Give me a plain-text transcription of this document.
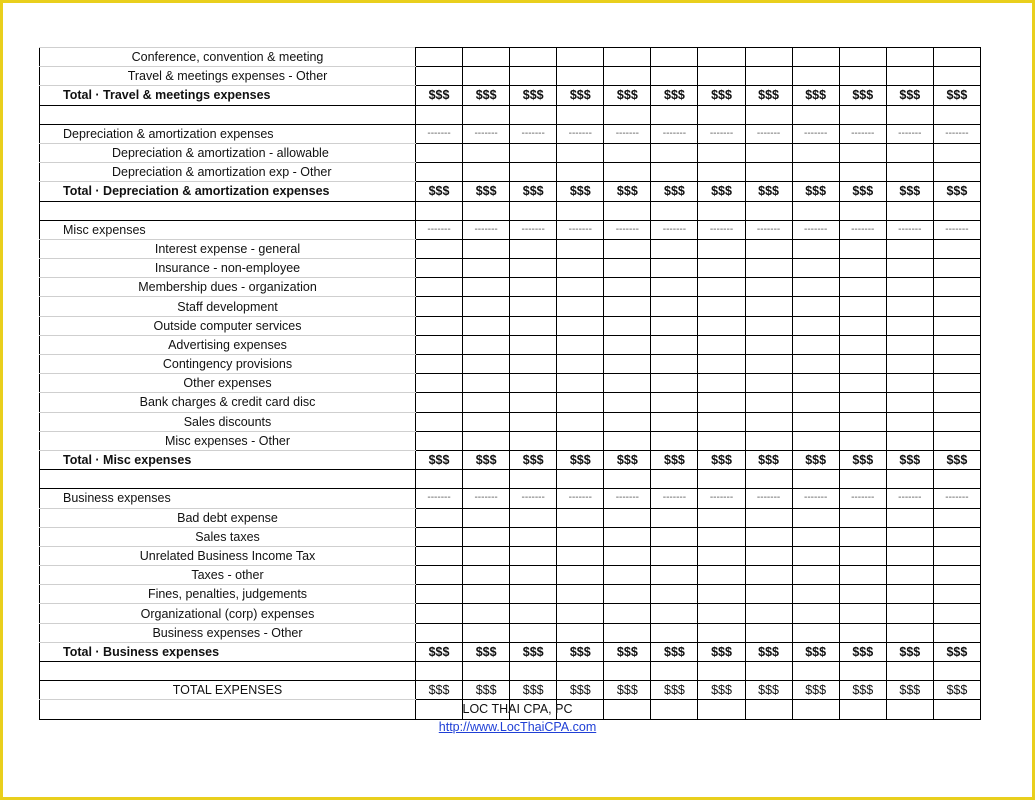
Conference, convention & meeting												
Travel & meetings expenses - Other												
Total · Travel & meetings expenses	$$$	$$$	$$$	$$$	$$$	$$$	$$$	$$$	$$$	$$$	$$$	$$$

Depreciation & amortization expenses	-------	-------	-------	-------	-------	-------	-------	-------	-------	-------	-------	-------
Depreciation & amortization - allowable												
Depreciation & amortization exp - Other												
Total · Depreciation & amortization expenses	$$$	$$$	$$$	$$$	$$$	$$$	$$$	$$$	$$$	$$$	$$$	$$$

Misc expenses	-------	-------	-------	-------	-------	-------	-------	-------	-------	-------	-------	-------
Interest expense - general												
Insurance - non-employee												
Membership dues - organization												
Staff development												
Outside computer services												
Advertising expenses												
Contingency provisions												
Other expenses												
Bank charges & credit card disc												
Sales discounts												
Misc expenses - Other												
Total · Misc expenses	$$$	$$$	$$$	$$$	$$$	$$$	$$$	$$$	$$$	$$$	$$$	$$$

Business expenses	-------	-------	-------	-------	-------	-------	-------	-------	-------	-------	-------	-------
Bad debt expense												
Sales taxes												
Unrelated Business Income Tax												
Taxes - other												
Fines, penalties, judgements												
Organizational (corp) expenses												
Business expenses - Other												
Total · Business expenses	$$$	$$$	$$$	$$$	$$$	$$$	$$$	$$$	$$$	$$$	$$$	$$$

TOTAL EXPENSES	$$$	$$$	$$$	$$$	$$$	$$$	$$$	$$$	$$$	$$$	$$$	$$$

LOC THAI CPA, PC
http://www.LocThaiCPA.com
